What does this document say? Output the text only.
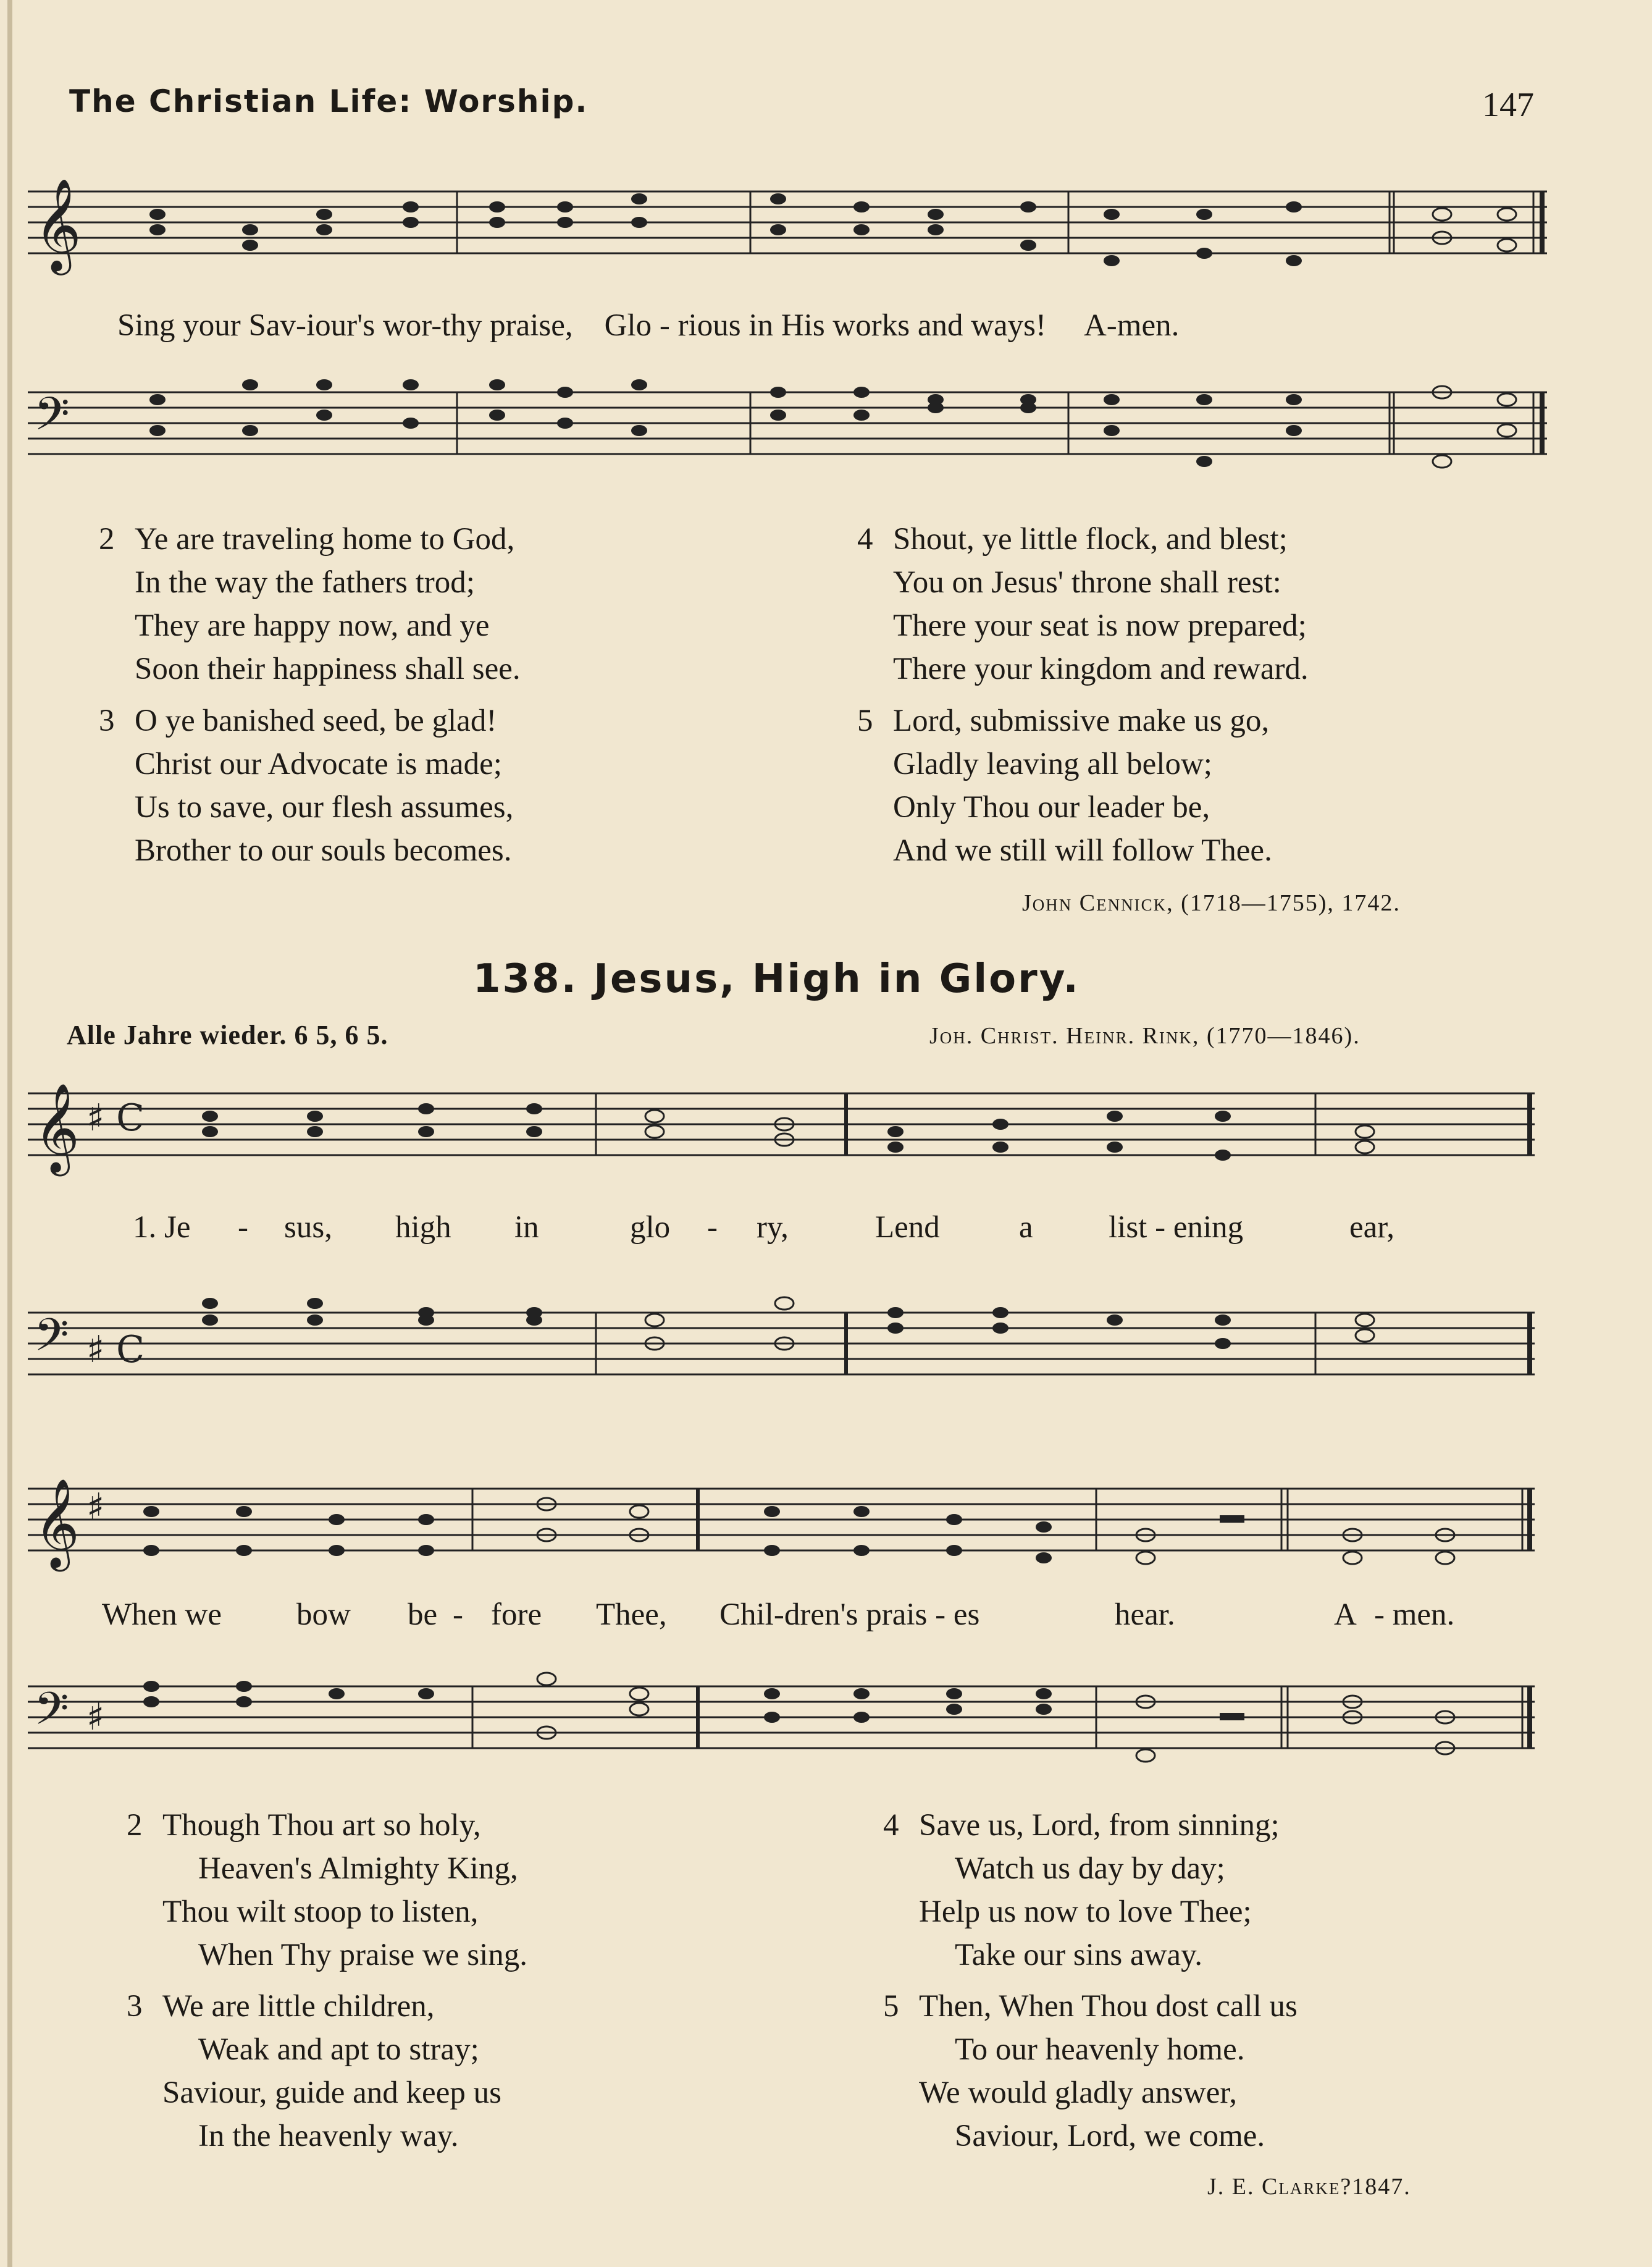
The Christian Life: Worship.	147
𝄞
Sing your Sav-iour's wor-thy praise, Glo - rious in His works and ways! A-men.
𝄢
2 Ye are traveling home to God,
In the way the fathers trod;
They are happy now, and ye
Soon their happiness shall see.
3 O ye banished seed, be glad!
Christ our Advocate is made;
Us to save, our flesh assumes,
Brother to our souls becomes.
4 Shout, ye little flock, and blest;
You on Jesus' throne shall rest:
There your seat is now prepared;
There your kingdom and reward.
5 Lord, submissive make us go,
Gladly leaving all below;
Only Thou our leader be,
And we still will follow Thee.
John Cennick, (1718—1755), 1742.
138. Jesus, High in Glory.
Alle Jahre wieder. 6 5, 6 5.	Joh. Christ. Heinr. Rink, (1770—1846).
𝄞 ♯ C
1. Je - sus, high in	glo - ry,	Lend	a list - ening	ear,
𝄢 ♯ C
𝄞 ♯
When we bow be - fore Thee, Chil-dren's prais - es	hear.	A - men.
𝄢 ♯
2 Though Thou art so holy,
Heaven's Almighty King,
Thou wilt stoop to listen,
When Thy praise we sing.
3 We are little children,
Weak and apt to stray;
Saviour, guide and keep us
In the heavenly way.
4 Save us, Lord, from sinning;
Watch us day by day;
Help us now to love Thee;
Take our sins away.
5 Then, When Thou dost call us
To our heavenly home.
We would gladly answer,
Saviour, Lord, we come.
J. E. Clarke?1847.
